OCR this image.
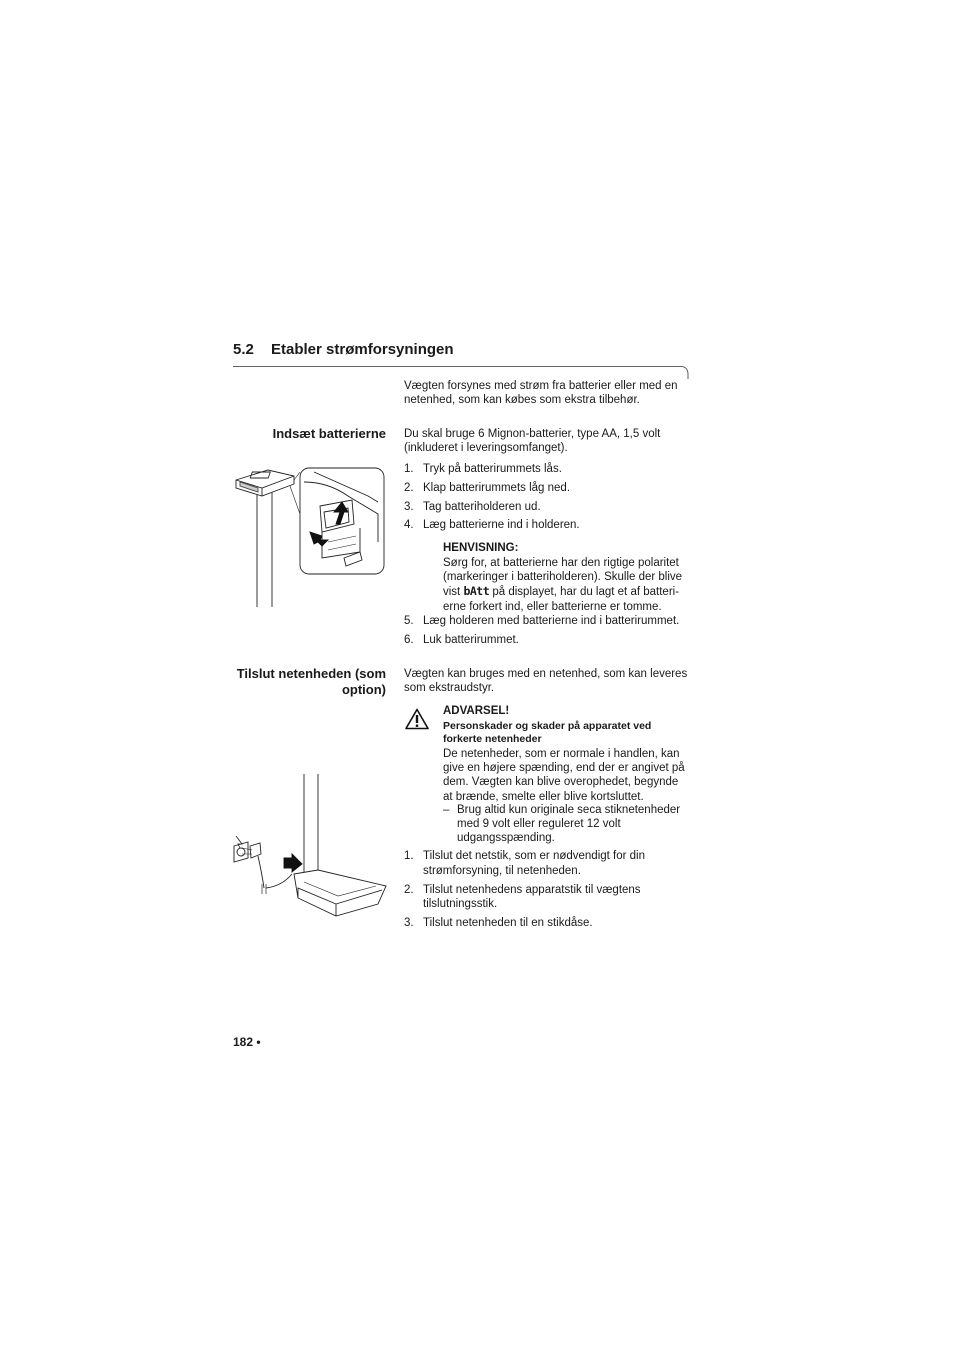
5.2 Etabler strømforsyningen
Vægten forsynes med strøm fra batterier eller med en
netenhed, som kan købes som ekstra tilbehør.
Indsæt batterierne Du skal bruge 6 Mignon-batterier, type AA, 1,5 volt
(inkluderet i leveringsomfanget).
1. Tryk på batterirummets lås.
2. Klap batterirummets låg ned.
3. Tag batteriholderen ud.
4. Læg batterierne ind i holderen.
HENVISNING:
Sørg for, at batterierne har den rigtige polaritet
(markeringer i batteriholderen). Skulle der blive
vist bAtt på displayet, har du lagt et af batteri-
erne forkert ind, eller batterierne er tomme.
5. Læg holderen med batterierne ind i batterirummet.
6. Luk batterirummet.
Tilslut netenheden (som
option)
Vægten kan bruges med en netenhed, som kan leveres
som ekstraudstyr.
ADVARSEL!
Personskader og skader på apparatet ved
forkerte netenheder
De netenheder, som er normale i handlen, kan
give en højere spænding, end der er angivet på
dem. Vægten kan blive overophedet, begynde
at brænde, smelte eller blive kortsluttet.
– Brug altid kun originale seca stiknetenheder
med 9 volt eller reguleret 12 volt
udgangsspænding.
1. Tilslut det netstik, som er nødvendigt for din
strømforsyning, til netenheden.
2. Tilslut netenhedens apparatstik til vægtens
tilslutningsstik.
3. Tilslut netenheden til en stikdåse.
182 •
